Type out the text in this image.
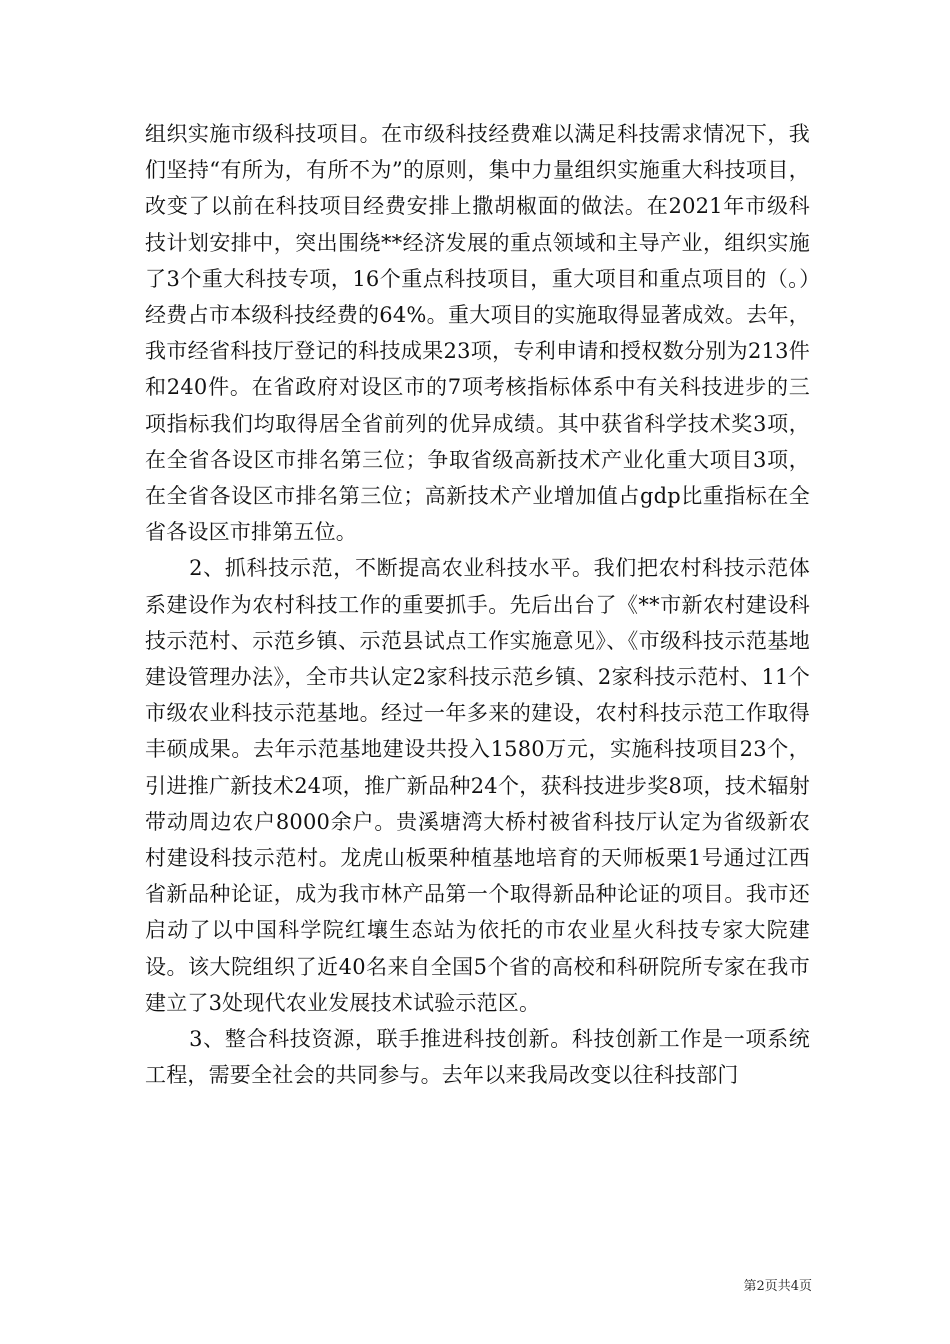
组织实施市级科技项目。在市级科技经费难以满足科技需求情况下，我们坚持“有所为，有所不为”的原则，集中力量组织实施重大科技项目，改变了以前在科技项目经费安排上撒胡椒面的做法。在2021年市级科技计划安排中，突出围绕**经济发展的重点领域和主导产业，组织实施了3个重大科技专项，16个重点科技项目，重大项目和重点项目的（。）经费占市本级科技经费的64%。重大项目的实施取得显著成效。去年，我市经省科技厅登记的科技成果23项，专利申请和授权数分别为213件和240件。在省政府对设区市的7项考核指标体系中有关科技进步的三项指标我们均取得居全省前列的优异成绩。其中获省科学技术奖3项，在全省各设区市排名第三位；争取省级高新技术产业化重大项目3项，在全省各设区市排名第三位；高新技术产业增加值占gdp比重指标在全省各设区市排第五位。

2、抓科技示范，不断提高农业科技水平。我们把农村科技示范体系建设作为农村科技工作的重要抓手。先后出台了《**市新农村建设科技示范村、示范乡镇、示范县试点工作实施意见》、《市级科技示范基地建设管理办法》，全市共认定2家科技示范乡镇、2家科技示范村、11个市级农业科技示范基地。经过一年多来的建设，农村科技示范工作取得丰硕成果。去年示范基地建设共投入1580万元，实施科技项目23个，引进推广新技术24项，推广新品种24个，获科技进步奖8项，技术辐射带动周边农户8000余户。贵溪塘湾大桥村被省科技厅认定为省级新农村建设科技示范村。龙虎山板栗种植基地培育的天师板栗1号通过江西省新品种论证，成为我市林产品第一个取得新品种论证的项目。我市还启动了以中国科学院红壤生态站为依托的市农业星火科技专家大院建设。该大院组织了近40名来自全国5个省的高校和科研院所专家在我市建立了3处现代农业发展技术试验示范区。

3、整合科技资源，联手推进科技创新。科技创新工作是一项系统工程，需要全社会的共同参与。去年以来我局改变以往科技部门

第2页共4页
